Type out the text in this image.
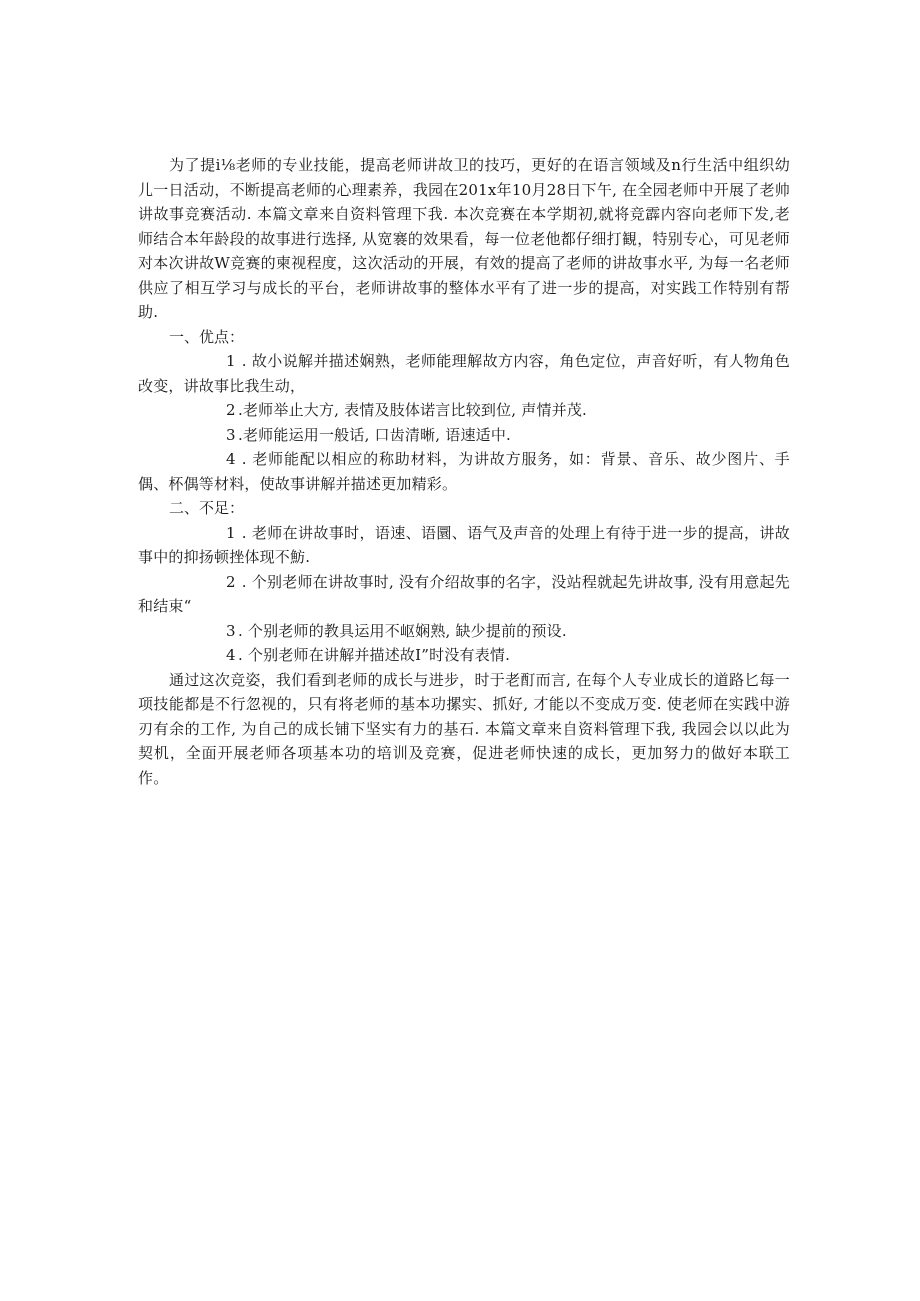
为了提i⅛老师的专业技能，提高老师讲故卫的技巧，更好的在语言领域及n行生活中组织幼儿一日活动，不断提高老师的心理素养，我园在201x年10月28日下午, 在全园老师中开展了老帅讲故事竞赛活动. 本篇文章来自资料管理下我. 本次竞赛在本学期初,就将竞霹内容向老师下发,老师结合本年龄段的故事进行选择, 从宽褰的效果看，每一位老他都仔细打観，特别专心，可见老师对本次讲故W竞赛的柬视程度，这次活动的开展，有效的提高了老师的讲故事水平, 为每一名老师供应了相互学习与成长的平台，老师讲故事的整体水平有了进一步的提高，对实践工作特别有帮助.

一、优点：

1 . 故小说解并描述娴熟，老师能理解故方内容，角色定位，声音好听，有人物角色改变，讲故事比我生动，

2 .老师举止大方, 表情及肢体诺言比较到位, 声情并茂.

3 .老师能运用一般话, 口齿清晰, 语速适中.

4 . 老师能配以相应的称助材料，为讲故方服务，如：背景、音乐、故少图片、手偶、杯偶等材料，使故事讲解并描述更加精彩。

二、不足：

1 . 老师在讲故事时，语速、语圜、语气及声音的处理上有待于进一步的提高，讲故事中的抑扬顿挫体现不魴.

2 . 个别老师在讲故事时, 没有介绍故事的名字，没站程就起先讲故事, 没有用意起先和结束“

3 . 个别老师的教具运用不岖娴熟, 缺少提前的预设.

4 . 个别老师在讲解并描述故I”时没有表情.

通过这次竞姿，我们看到老师的成长与进步，时于老酊而言, 在每个人专业成长的道路匕每一项技能都是不行忽视的，只有将老师的基本功摞实、抓好, 才能以不变成万变. 使老师在实践中游刃有余的工作, 为自己的成长铺下坚实有力的基石. 本篇文章来自资料管理下我, 我园会以以此为契机，全面开展老师各项基本功的培训及竞赛，促进老师快速的成长，更加努力的做好本联工作。
